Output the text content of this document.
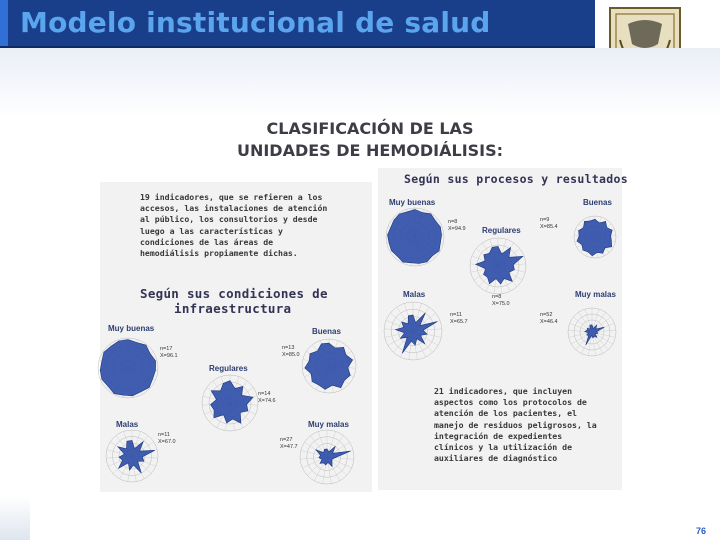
Modelo institucional de salud
CLASIFICACIÓN DE LAS
UNIDADES DE HEMODIÁLISIS:
19 indicadores, que se refieren a los
accesos, las instalaciones de atención
al público, los consultorios y desde
luego a las características y
condiciones de las áreas de
hemodiálisis propiamente dichas.
Según sus condiciones de
infraestructura
Muy buenas
n=17
X=96.1
Buenas
n=13
X=85.0
Regulares
n=14
X=74.6
Malas
n=11
X=67.0
Muy malas
n=27
X=47.7
Según sus procesos y resultados
Muy buenas
n=8
X=94.9
Buenas
n=9
X=85.4
Regulares
n=8
X=75.0
Malas
n=11
X=65.7
Muy malas
n=52
X=46.4
21 indicadores, que incluyen
aspectos como los protocolos de
atención de los pacientes, el
manejo de residuos peligrosos, la
integración de expedientes
clínicos y la utilización de
auxiliares de diagnóstico
76
